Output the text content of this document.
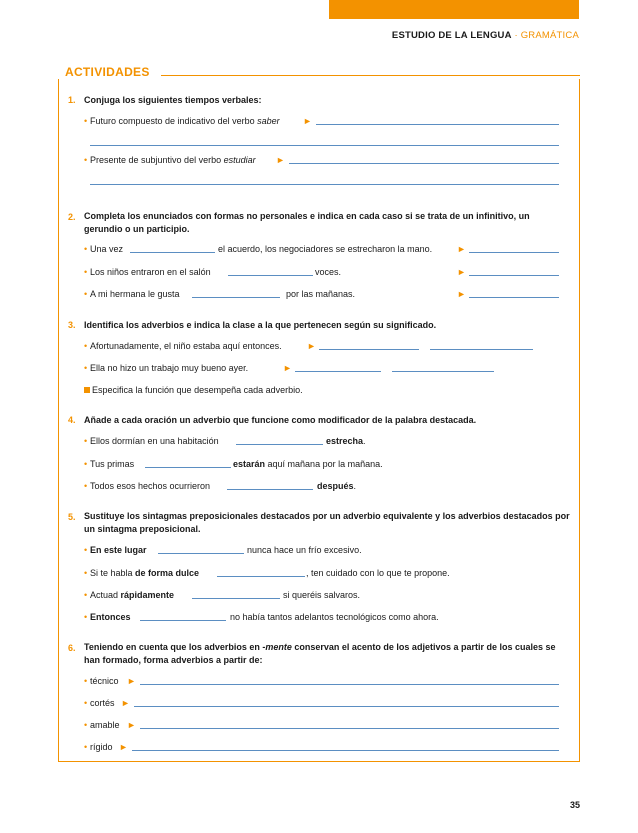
ESTUDIO DE LA LENGUA · GRAMÁTICA
ACTIVIDADES
1. Conjuga los siguientes tiempos verbales:
• Futuro compuesto de indicativo del verbo saber	►
• Presente de subjuntivo del verbo estudiar ►
2. Completa los enunciados con formas no personales e indica en cada caso si se trata de un infinitivo, un gerundio o un participio.
• Una vez	el acuerdo, los negociadores se estrecharon la mano.	►
• Los niños entraron en el salón	voces.	►
• A mi hermana le gusta	por las mañanas.	►
3. Identifica los adverbios e indica la clase a la que pertenecen según su significado.
• Afortunadamente, el niño estaba aquí entonces.	►
• Ella no hizo un trabajo muy bueno ayer.	►
Especifica la función que desempeña cada adverbio.
4. Añade a cada oración un adverbio que funcione como modificador de la palabra destacada.
• Ellos dormían en una habitación	estrecha.
• Tus primas	estarán aquí mañana por la mañana.
• Todos esos hechos ocurrieron	después.
5. Sustituye los sintagmas preposicionales destacados por un adverbio equivalente y los adverbios destacados por un sintagma preposicional.
• En este lugar	nunca hace un frío excesivo.
• Si te habla de forma dulce	, ten cuidado con lo que te propone.
• Actuad rápidamente	si queréis salvaros.
• Entonces	no había tantos adelantos tecnológicos como ahora.
6. Teniendo en cuenta que los adverbios en -mente conservan el acento de los adjetivos a partir de los cuales se han formado, forma adverbios a partir de:
• técnico ►
• cortés ►
• amable ►
• rígido ►
35
